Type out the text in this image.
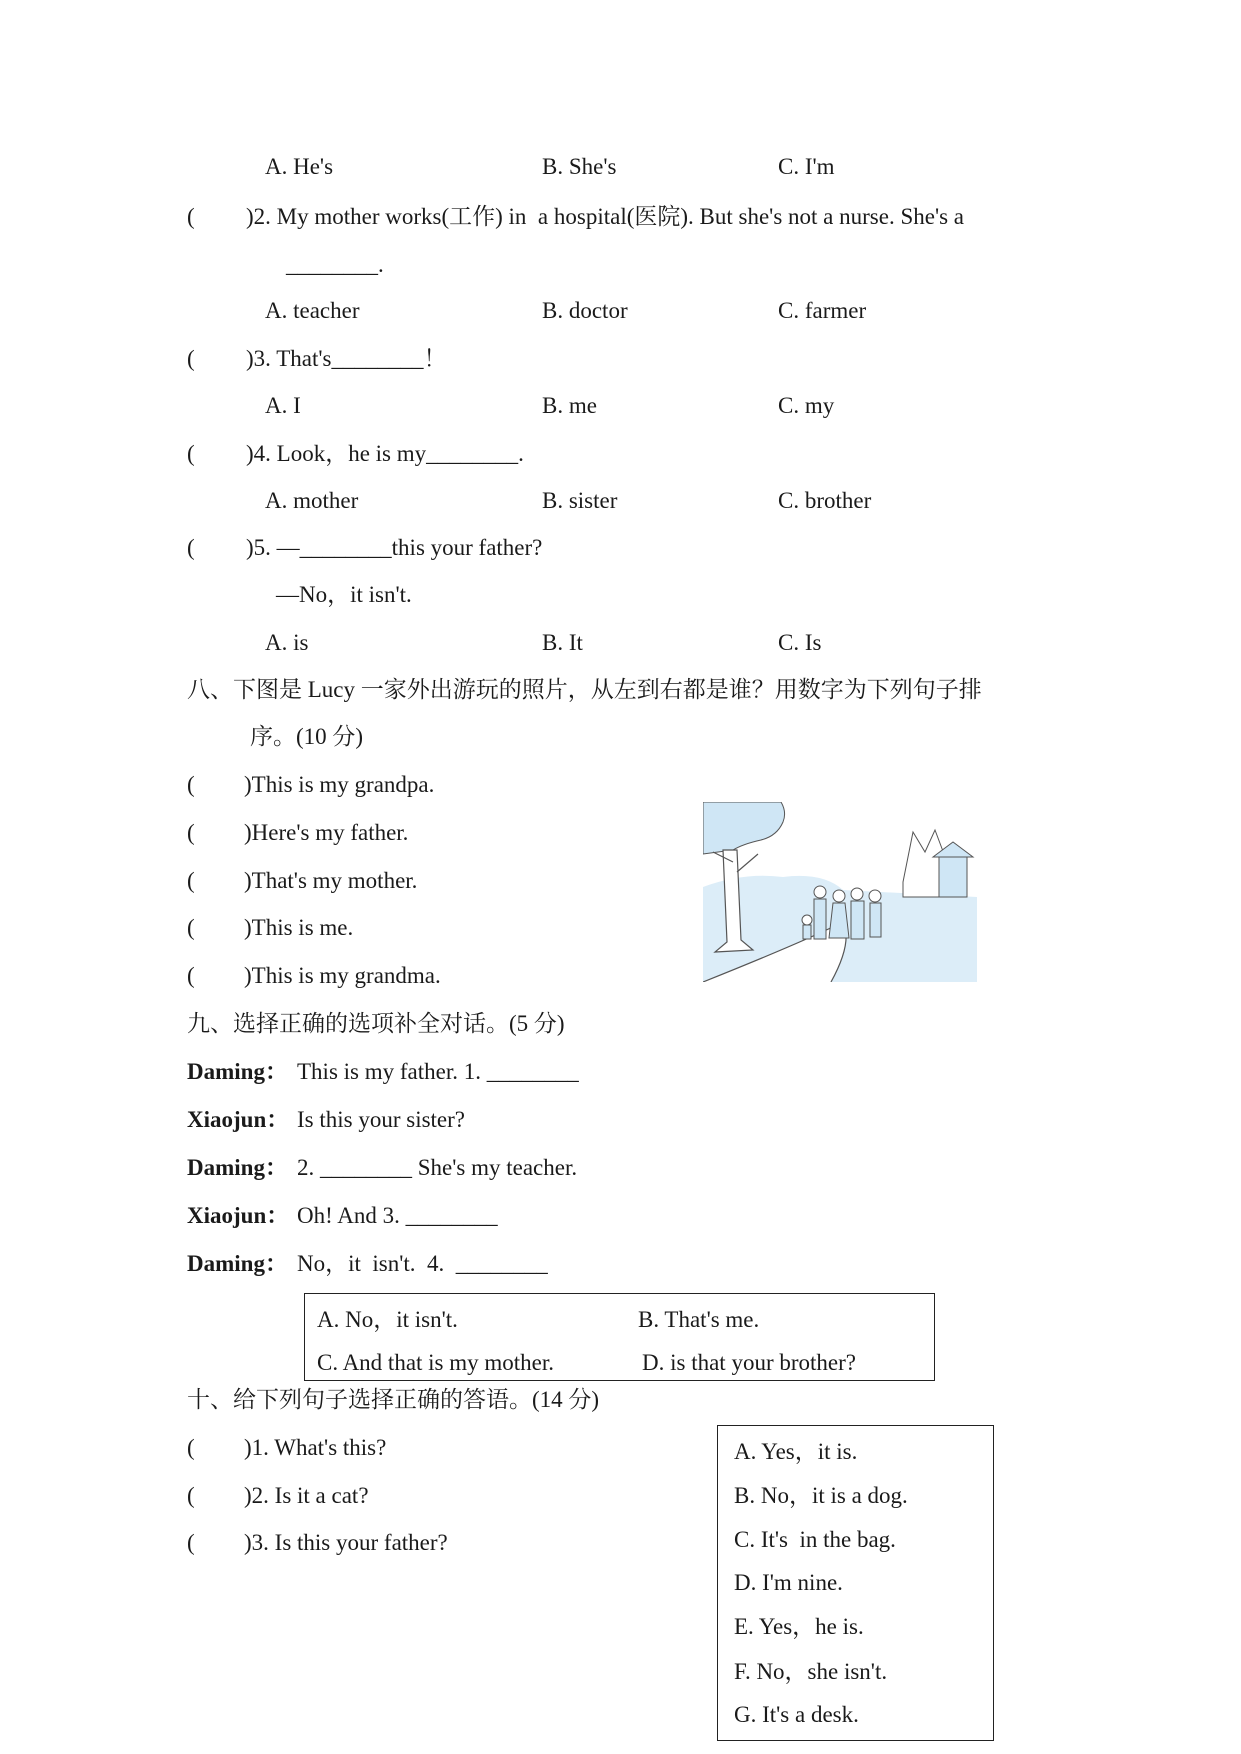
A. He's	B. She's	C. I'm
( )2. My mother works(工作) in  a hospital(医院). But she's not a nurse. She's a
________.
A. teacher	B. doctor	C. farmer
( )3. That's________！
A. I	B. me	C. my
( )4. Look，he is my________.
A. mother	B. sister	C. brother
( )5. —________this your father?
—No，it isn't.
A. is	B. It	C. Is
八、下图是 Lucy 一家外出游玩的照片，从左到右都是谁？用数字为下列句子排
序。(10 分)
( )This is my grandpa.
( )Here's my father.
( )That's my mother.
( )This is me.
( )This is my grandma.
九、选择正确的选项补全对话。(5 分)
Daming： This is my father. 1. ________
Xiaojun： Is this your sister?
Daming： 2. ________ She's my teacher.
Xiaojun： Oh! And 3. ________
Daming： No，it  isn't.  4.  ________
A. No，it isn't.	B. That's me.
C. And that is my mother.	D. is that your brother?
十、给下列句子选择正确的答语。(14 分)
( )1. What's this?
( )2. Is it a cat?
( )3. Is this your father?
A. Yes，it is.
B. No，it is a dog.
C. It's  in the bag.
D. I'm nine.
E. Yes，he is.
F. No，she isn't.
G. It's a desk.
